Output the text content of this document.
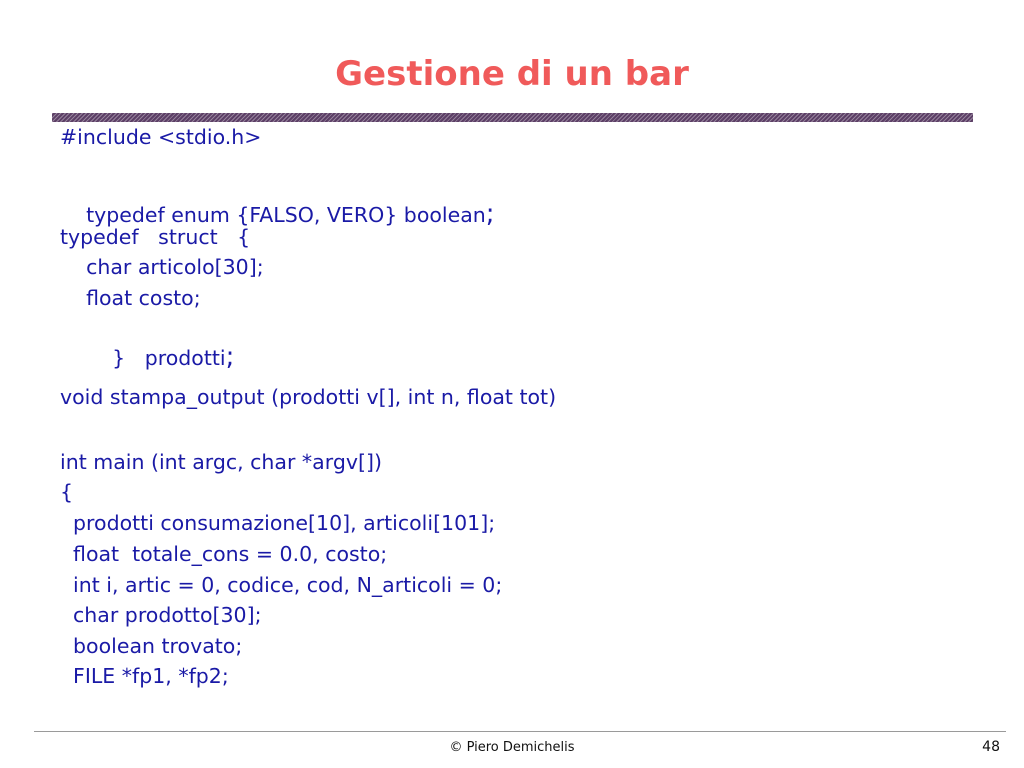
Gestione di un bar
#include <stdio.h>

typedef enum {FALSO, VERO} boolean;

typedef   struct   {
char articolo[30];
float costo;

}   prodotti;

void stampa_output (prodotti v[], int n, float tot)
int main (int argc, char *argv[])
{
prodotti consumazione[10], articoli[101];
float  totale_cons = 0.0, costo;
int i, artic = 0, codice, cod, N_articoli = 0;
char prodotto[30];
boolean trovato;
FILE *fp1, *fp2;
© Piero Demichelis	48
